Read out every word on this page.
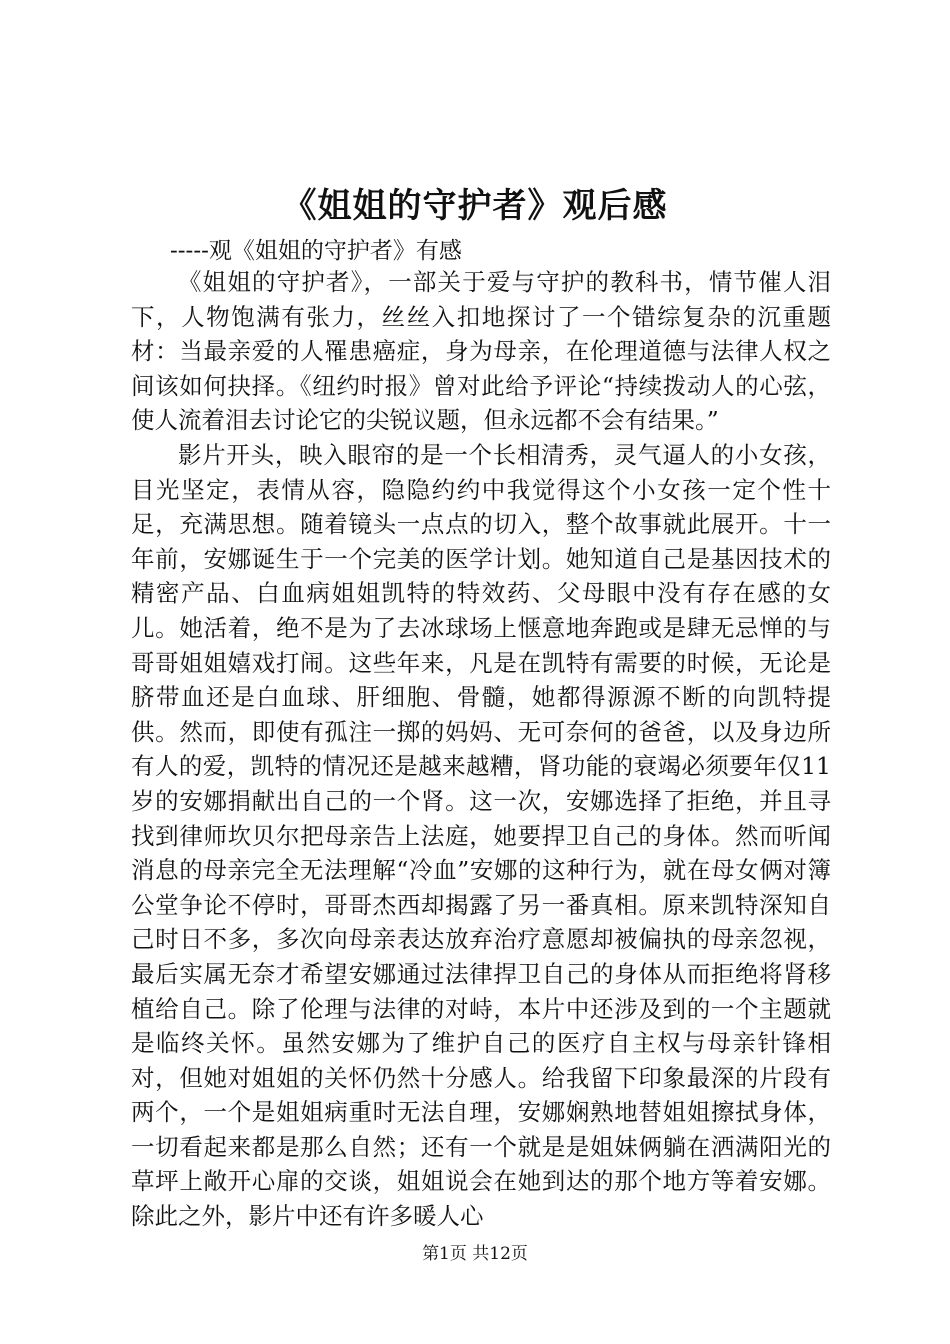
《姐姐的守护者》观后感
-----观《姐姐的守护者》有感

《姐姐的守护者》，一部关于爱与守护的教科书，情节催人泪下，人物饱满有张力，丝丝入扣地探讨了一个错综复杂的沉重题材：当最亲爱的人罹患癌症，身为母亲，在伦理道德与法律人权之间该如何抉择。《纽约时报》曾对此给予评论“持续拨动人的心弦，使人流着泪去讨论它的尖锐议题，但永远都不会有结果。”

影片开头，映入眼帘的是一个长相清秀，灵气逼人的小女孩，目光坚定，表情从容，隐隐约约中我觉得这个小女孩一定个性十足，充满思想。随着镜头一点点的切入，整个故事就此展开。十一年前，安娜诞生于一个完美的医学计划。她知道自己是基因技术的精密产品、白血病姐姐凯特的特效药、父母眼中没有存在感的女儿。她活着，绝不是为了去冰球场上惬意地奔跑或是肆无忌惮的与哥哥姐姐嬉戏打闹。这些年来，凡是在凯特有需要的时候，无论是脐带血还是白血球、肝细胞、骨髓，她都得源源不断的向凯特提供。然而，即使有孤注一掷的妈妈、无可奈何的爸爸，以及身边所有人的爱，凯特的情况还是越来越糟，肾功能的衰竭必须要年仅11岁的安娜捐献出自己的一个肾。这一次，安娜选择了拒绝，并且寻找到律师坎贝尔把母亲告上法庭，她要捍卫自己的身体。然而听闻消息的母亲完全无法理解“冷血”安娜的这种行为，就在母女俩对簿公堂争论不停时，哥哥杰西却揭露了另一番真相。原来凯特深知自己时日不多，多次向母亲表达放弃治疗意愿却被偏执的母亲忽视，最后实属无奈才希望安娜通过法律捍卫自己的身体从而拒绝将肾移植给自己。除了伦理与法律的对峙，本片中还涉及到的一个主题就是临终关怀。虽然安娜为了维护自己的医疗自主权与母亲针锋相对，但她对姐姐的关怀仍然十分感人。给我留下印象最深的片段有两个，一个是姐姐病重时无法自理，安娜娴熟地替姐姐擦拭身体，一切看起来都是那么自然；还有一个就是是姐妹俩躺在洒满阳光的草坪上敞开心扉的交谈，姐姐说会在她到达的那个地方等着安娜。除此之外，影片中还有许多暖人心

第1页 共12页
